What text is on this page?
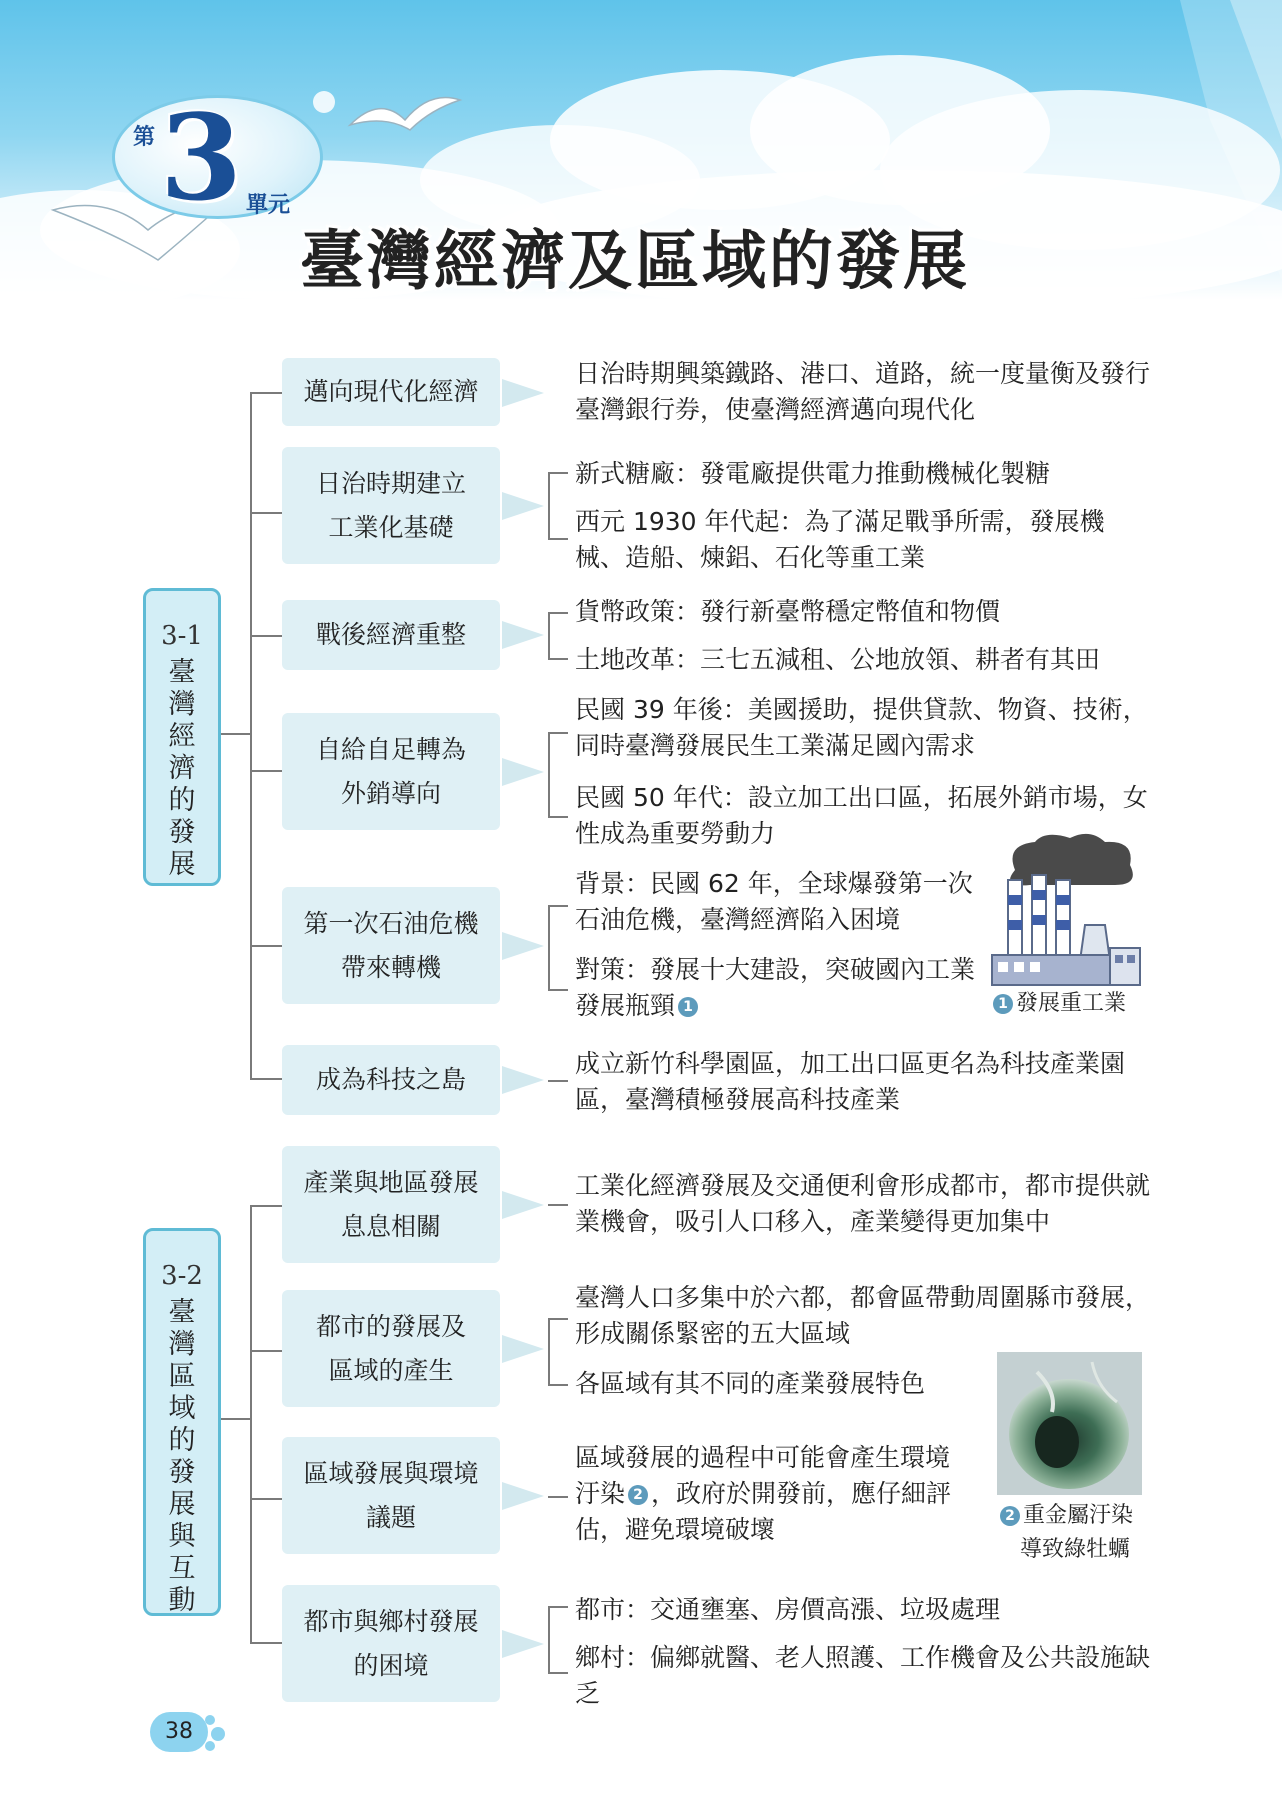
第 3 單元
臺灣經濟及區域的發展
3-1
臺灣經濟的發展
3-2
臺灣區域的發展與互動
邁向現代化經濟
日治時期建立
工業化基礎
戰後經濟重整
自給自足轉為
外銷導向
第一次石油危機
帶來轉機
成為科技之島
產業與地區發展
息息相關
都市的發展及
區域的產生
區域發展與環境
議題
都市與鄉村發展
的困境
日治時期興築鐵路、港口、道路，統一度量衡及發行臺灣銀行券，使臺灣經濟邁向現代化
新式糖廠：發電廠提供電力推動機械化製糖
西元 1930 年代起：為了滿足戰爭所需，發展機械、造船、煉鋁、石化等重工業
貨幣政策：發行新臺幣穩定幣值和物價
土地改革：三七五減租、公地放領、耕者有其田
民國 39 年後：美國援助，提供貸款、物資、技術，同時臺灣發展民生工業滿足國內需求
民國 50 年代：設立加工出口區，拓展外銷市場，女性成為重要勞動力
背景：民國 62 年，全球爆發第一次石油危機，臺灣經濟陷入困境
對策：發展十大建設，突破國內工業發展瓶頸 1
成立新竹科學園區，加工出口區更名為科技產業園區，臺灣積極發展高科技產業
工業化經濟發展及交通便利會形成都市，都市提供就業機會，吸引人口移入，產業變得更加集中
臺灣人口多集中於六都，都會區帶動周圍縣市發展，形成關係緊密的五大區域
各區域有其不同的產業發展特色
區域發展的過程中可能會產生環境汙染 2 ，政府於開發前，應仔細評估，避免環境破壞
都市：交通壅塞、房價高漲、垃圾處理
鄉村：偏鄉就醫、老人照護、工作機會及公共設施缺乏
1 發展重工業
2 重金屬汙染
導致綠牡蠣
38
